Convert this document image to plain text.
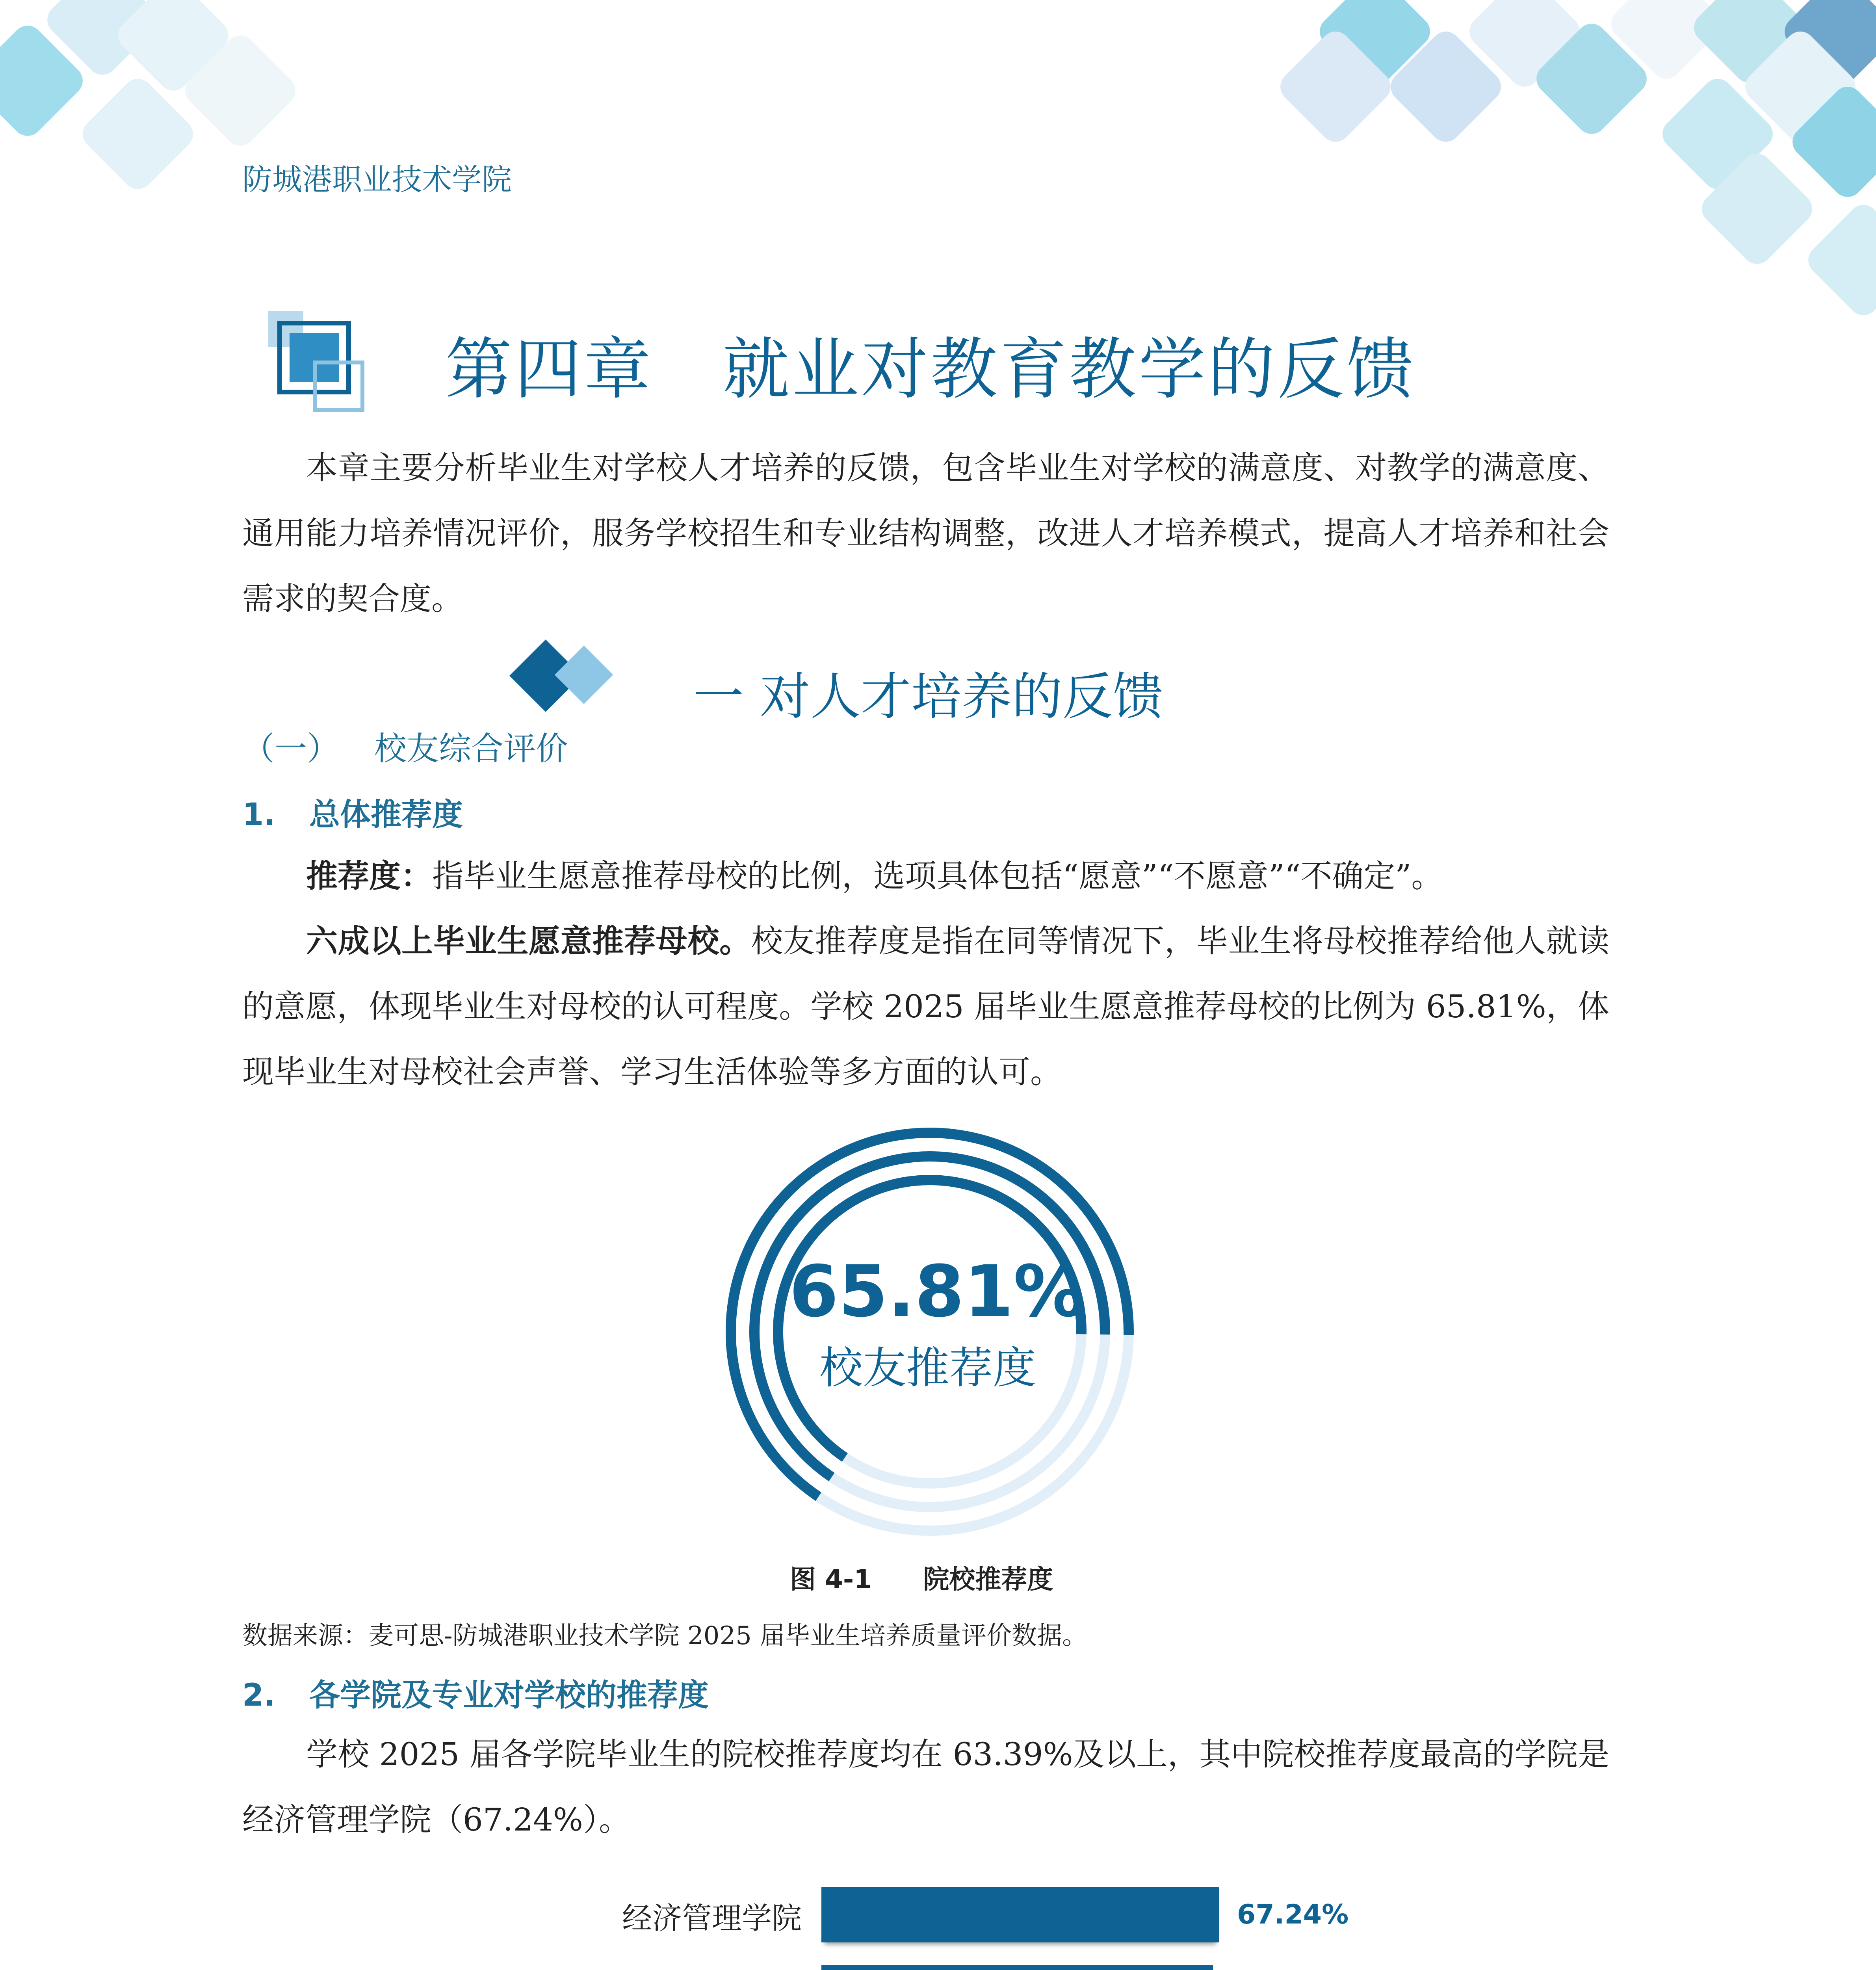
防城港职业技术学院
第四章　就业对教育教学的反馈
本章主要分析毕业生对学校人才培养的反馈，包含毕业生对学校的满意度、对教学的满意度、通用能力培养情况评价，服务学校招生和专业结构调整，改进人才培养模式，提高人才培养和社会需求的契合度。
一 对人才培养的反馈
（一） 校友综合评价
1. 总体推荐度
推荐度：指毕业生愿意推荐母校的比例，选项具体包括“愿意”“不愿意”“不确定”。
六成以上毕业生愿意推荐母校。校友推荐度是指在同等情况下，毕业生将母校推荐给他人就读的意愿，体现毕业生对母校的认可程度。学校 2025 届毕业生愿意推荐母校的比例为 65.81%，体现毕业生对母校社会声誉、学习生活体验等多方面的认可。
65.81%
校友推荐度
图 4-1 院校推荐度
数据来源：麦可思-防城港职业技术学院 2025 届毕业生培养质量评价数据。
2. 各学院及专业对学校的推荐度
学校 2025 届各学院毕业生的院校推荐度均在 63.39%及以上，其中院校推荐度最高的学院是经济管理学院（67.24%）。
经济管理学院	67.24%
